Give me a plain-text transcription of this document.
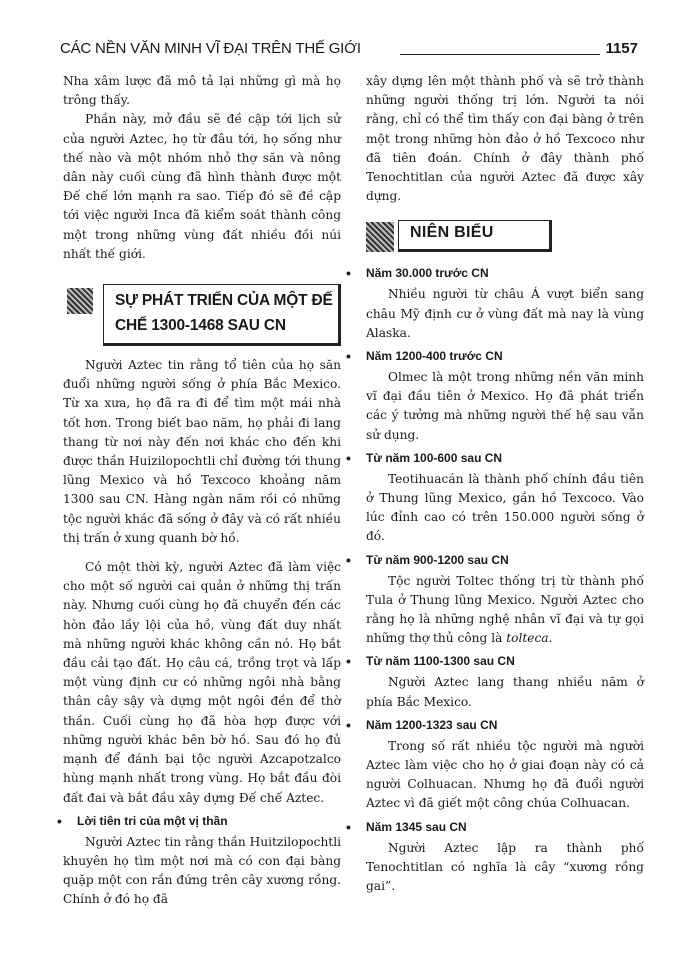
CÁC NỀN VĂN MINH VĨ ĐẠI TRÊN THẾ GIỚI	1157

Nha xâm lược đã mô tả lại những gì mà họ trông thấy.

Phần này, mở đầu sẽ đề cập tới lịch sử của người Aztec, họ từ đâu tới, họ sống như thế nào và một nhóm nhỏ thợ săn và nông dân này cuối cùng đã hình thành được một Đế chế lớn mạnh ra sao. Tiếp đó sẽ đề cập tới việc người Inca đã kiểm soát thành công một trong những vùng đất nhiều đồi núi nhất thế giới.

SỰ PHÁT TRIỂN CỦA MỘT ĐẾ CHẾ 1300-1468 SAU CN

Người Aztec tin rằng tổ tiên của họ săn đuổi những người sống ở phía Bắc Mexico. Từ xa xưa, họ đã ra đi để tìm một mái nhà tốt hơn. Trong biết bao năm, họ phải đi lang thang từ nơi này đến nơi khác cho đến khi được thần Huizilopochtli chỉ đường tới thung lũng Mexico và hồ Texcoco khoảng năm 1300 sau CN. Hàng ngàn năm rồi có những tộc người khác đã sống ở đây và có rất nhiều thị trấn ở xung quanh bờ hồ.

Có một thời kỳ, người Aztec đã làm việc cho một số người cai quản ở những thị trấn này. Nhưng cuối cùng họ đã chuyển đến các hòn đảo lầy lội của hồ, vùng đất duy nhất mà những người khác không cần nó. Họ bắt đầu cải tạo đất. Họ câu cá, trồng trọt và lấp một vùng định cư có những ngôi nhà bằng thân cây sậy và dựng một ngôi đền để thờ thần. Cuối cùng họ đã hòa hợp được với những người khác bên bờ hồ. Sau đó họ đủ mạnh để đánh bại tộc người Azcapotzalco hùng mạnh nhất trong vùng. Họ bắt đầu đòi đất đai và bắt đầu xây dựng Đế chế Aztec.

• Lời tiên tri của một vị thần

Người Aztec tin rằng thần Huitzilopochtli khuyên họ tìm một nơi mà có con đại bàng quặp một con rắn đứng trên cây xương rồng. Chính ở đó họ đã

xây dựng lên một thành phố và sẽ trở thành những người thống trị lớn. Người ta nói rằng, chỉ có thể tìm thấy con đại bàng ở trên một trong những hòn đảo ở hồ Texcoco như đã tiên đoán. Chính ở đây thành phố Tenochtitlan của người Aztec đã được xây dựng.

NIÊN BIỂU
• Năm 30.000 trước CN

Nhiều người từ châu Á vượt biển sang châu Mỹ định cư ở vùng đất mà nay là vùng Alaska.

• Năm 1200-400 trước CN

Olmec là một trong những nền văn minh vĩ đại đầu tiên ở Mexico. Họ đã phát triển các ý tưởng mà những người thế hệ sau vẫn sử dụng.

• Từ năm 100-600 sau CN

Teotihuacán là thành phố chính đầu tiên ở Thung lũng Mexico, gần hồ Texcoco. Vào lúc đỉnh cao có trên 150.000 người sống ở đó.

• Từ năm 900-1200 sau CN

Tộc người Toltec thống trị từ thành phố Tula ở Thung lũng Mexico. Người Aztec cho rằng họ là những nghệ nhân vĩ đại và tự gọi những thợ thủ công là tolteca.

• Từ năm 1100-1300 sau CN

Người Aztec lang thang nhiều năm ở phía Bắc Mexico.

• Năm 1200-1323 sau CN

Trong số rất nhiều tộc người mà người Aztec làm việc cho họ ở giai đoạn này có cả người Colhuacan. Nhưng họ đã đuổi người Aztec vì đã giết một công chúa Colhuacan.

• Năm 1345 sau CN

Người Aztec lập ra thành phố Tenochtitlan có nghĩa là cây “xương rồng gai”.
